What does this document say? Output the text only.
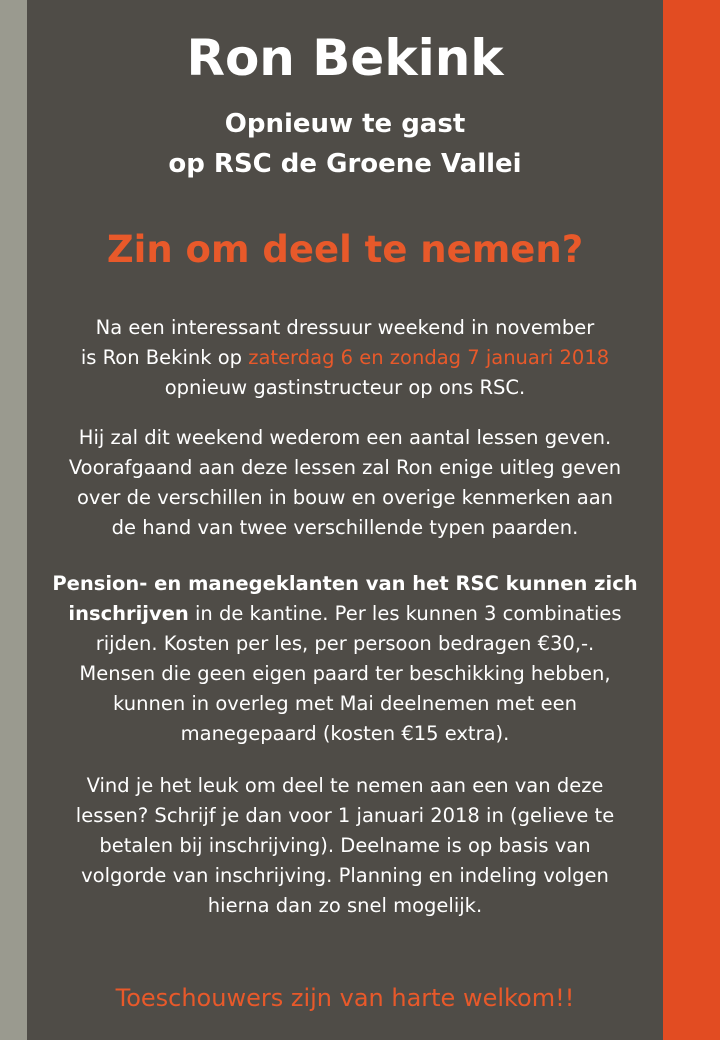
Ron Bekink
Opnieuw te gast
op RSC de Groene Vallei
Zin om deel te nemen?
Na een interessant dressuur weekend in november
is Ron Bekink op zaterdag 6 en zondag 7 januari 2018
opnieuw gastinstructeur op ons RSC.
Hij zal dit weekend wederom een aantal lessen geven.
Voorafgaand aan deze lessen zal Ron enige uitleg geven
over de verschillen in bouw en overige kenmerken aan
de hand van twee verschillende typen paarden.
Pension- en manegeklanten van het RSC kunnen zich
inschrijven in de kantine. Per les kunnen 3 combinaties
rijden. Kosten per les, per persoon bedragen €30,-.
Mensen die geen eigen paard ter beschikking hebben,
kunnen in overleg met Mai deelnemen met een
manegepaard (kosten €15 extra).
Vind je het leuk om deel te nemen aan een van deze
lessen? Schrijf je dan voor 1 januari 2018 in (gelieve te
betalen bij inschrijving). Deelname is op basis van
volgorde van inschrijving. Planning en indeling volgen
hierna dan zo snel mogelijk.

Toeschouwers zijn van harte welkom!!
